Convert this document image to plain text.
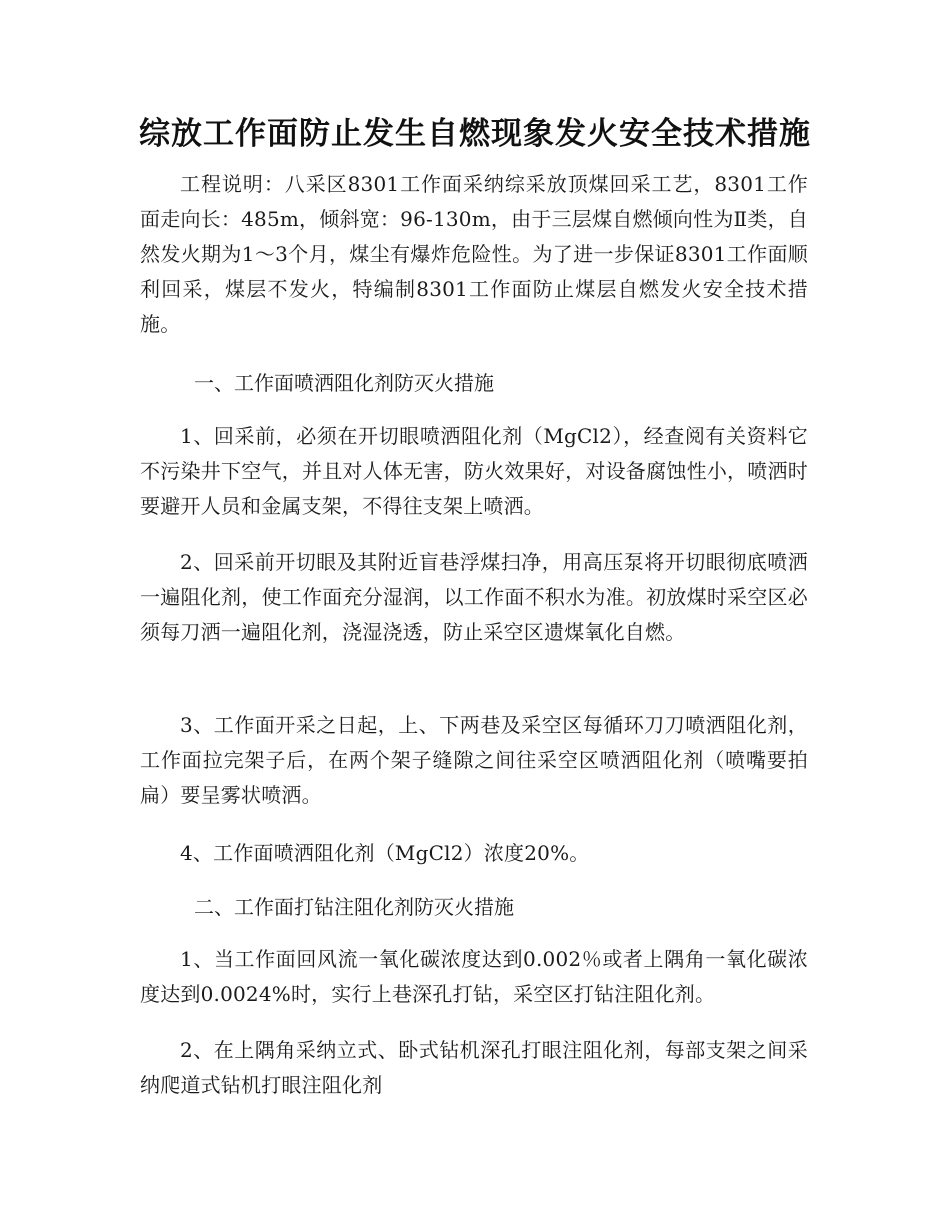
综放工作面防止发生自燃现象发火安全技术措施
工程说明：八采区8301工作面采纳综采放顶煤回采工艺，8301工作面走向长：485m，倾斜宽：96-130m，由于三层煤自燃倾向性为Ⅱ类，自然发火期为1～3个月，煤尘有爆炸危险性。为了进一步保证8301工作面顺利回采，煤层不发火，特编制8301工作面防止煤层自燃发火安全技术措施。
一、工作面喷洒阻化剂防灭火措施
1、回采前，必须在开切眼喷洒阻化剂（MgCl2），经查阅有关资料它不污染井下空气，并且对人体无害，防火效果好，对设备腐蚀性小，喷洒时要避开人员和金属支架，不得往支架上喷洒。
2、回采前开切眼及其附近盲巷浮煤扫净，用高压泵将开切眼彻底喷洒一遍阻化剂，使工作面充分湿润，以工作面不积水为准。初放煤时采空区必须每刀洒一遍阻化剂，浇湿浇透，防止采空区遗煤氧化自燃。
3、工作面开采之日起，上、下两巷及采空区每循环刀刀喷洒阻化剂，工作面拉完架子后，在两个架子缝隙之间往采空区喷洒阻化剂（喷嘴要拍扁）要呈雾状喷洒。
4、工作面喷洒阻化剂（MgCl2）浓度20%。
二、工作面打钻注阻化剂防灭火措施
1、当工作面回风流一氧化碳浓度达到0.002％或者上隅角一氧化碳浓度达到0.0024%时，实行上巷深孔打钻，采空区打钻注阻化剂。
2、在上隅角采纳立式、卧式钻机深孔打眼注阻化剂，每部支架之间采纳爬道式钻机打眼注阻化剂
